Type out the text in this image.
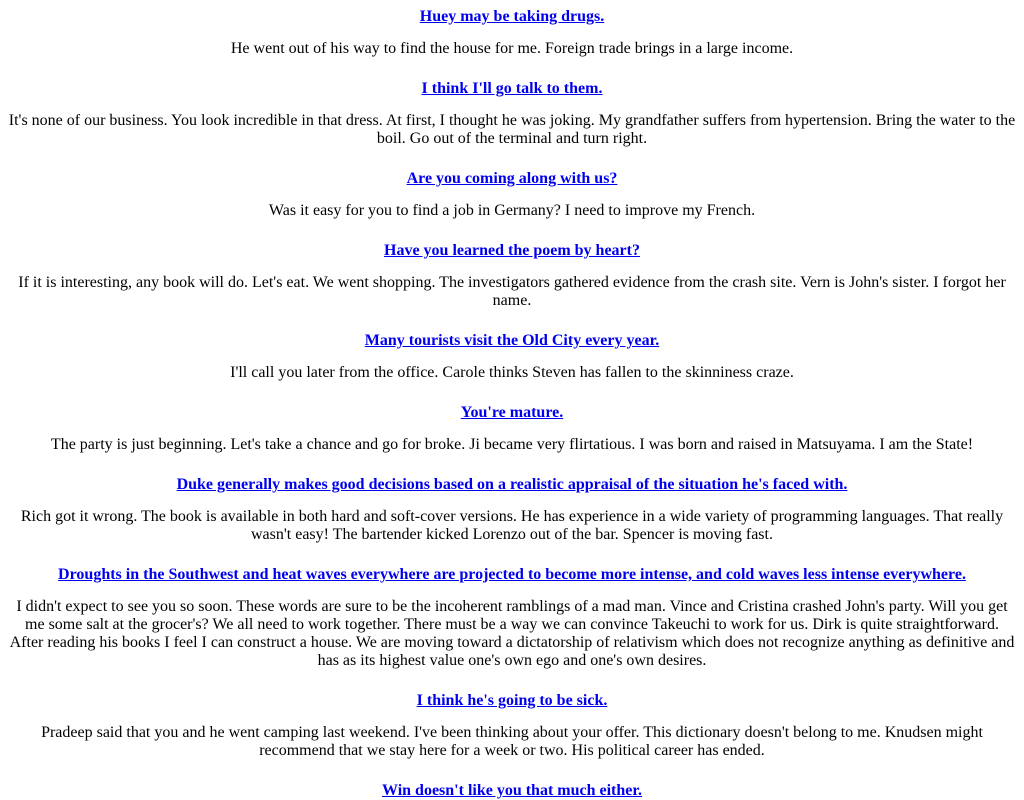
Huey may be taking drugs.

He went out of his way to find the house for me. Foreign trade brings in a large income.

I think I'll go talk to them.

It's none of our business. You look incredible in that dress. At first, I thought he was joking. My grandfather suffers from hypertension. Bring the water to the boil. Go out of the terminal and turn right.

Are you coming along with us?

Was it easy for you to find a job in Germany? I need to improve my French.

Have you learned the poem by heart?

If it is interesting, any book will do. Let's eat. We went shopping. The investigators gathered evidence from the crash site. Vern is John's sister. I forgot her name.

Many tourists visit the Old City every year.

I'll call you later from the office. Carole thinks Steven has fallen to the skinniness craze.

You're mature.

The party is just beginning. Let's take a chance and go for broke. Ji became very flirtatious. I was born and raised in Matsuyama. I am the State!

Duke generally makes good decisions based on a realistic appraisal of the situation he's faced with.

Rich got it wrong. The book is available in both hard and soft-cover versions. He has experience in a wide variety of programming languages. That really wasn't easy! The bartender kicked Lorenzo out of the bar. Spencer is moving fast.

Droughts in the Southwest and heat waves everywhere are projected to become more intense, and cold waves less intense everywhere.

I didn't expect to see you so soon. These words are sure to be the incoherent ramblings of a mad man. Vince and Cristina crashed John's party. Will you get me some salt at the grocer's? We all need to work together. There must be a way we can convince Takeuchi to work for us. Dirk is quite straightforward. After reading his books I feel I can construct a house. We are moving toward a dictatorship of relativism which does not recognize anything as definitive and has as its highest value one's own ego and one's own desires.

I think he's going to be sick.

Pradeep said that you and he went camping last weekend. I've been thinking about your offer. This dictionary doesn't belong to me. Knudsen might recommend that we stay here for a week or two. His political career has ended.

Win doesn't like you that much either.
